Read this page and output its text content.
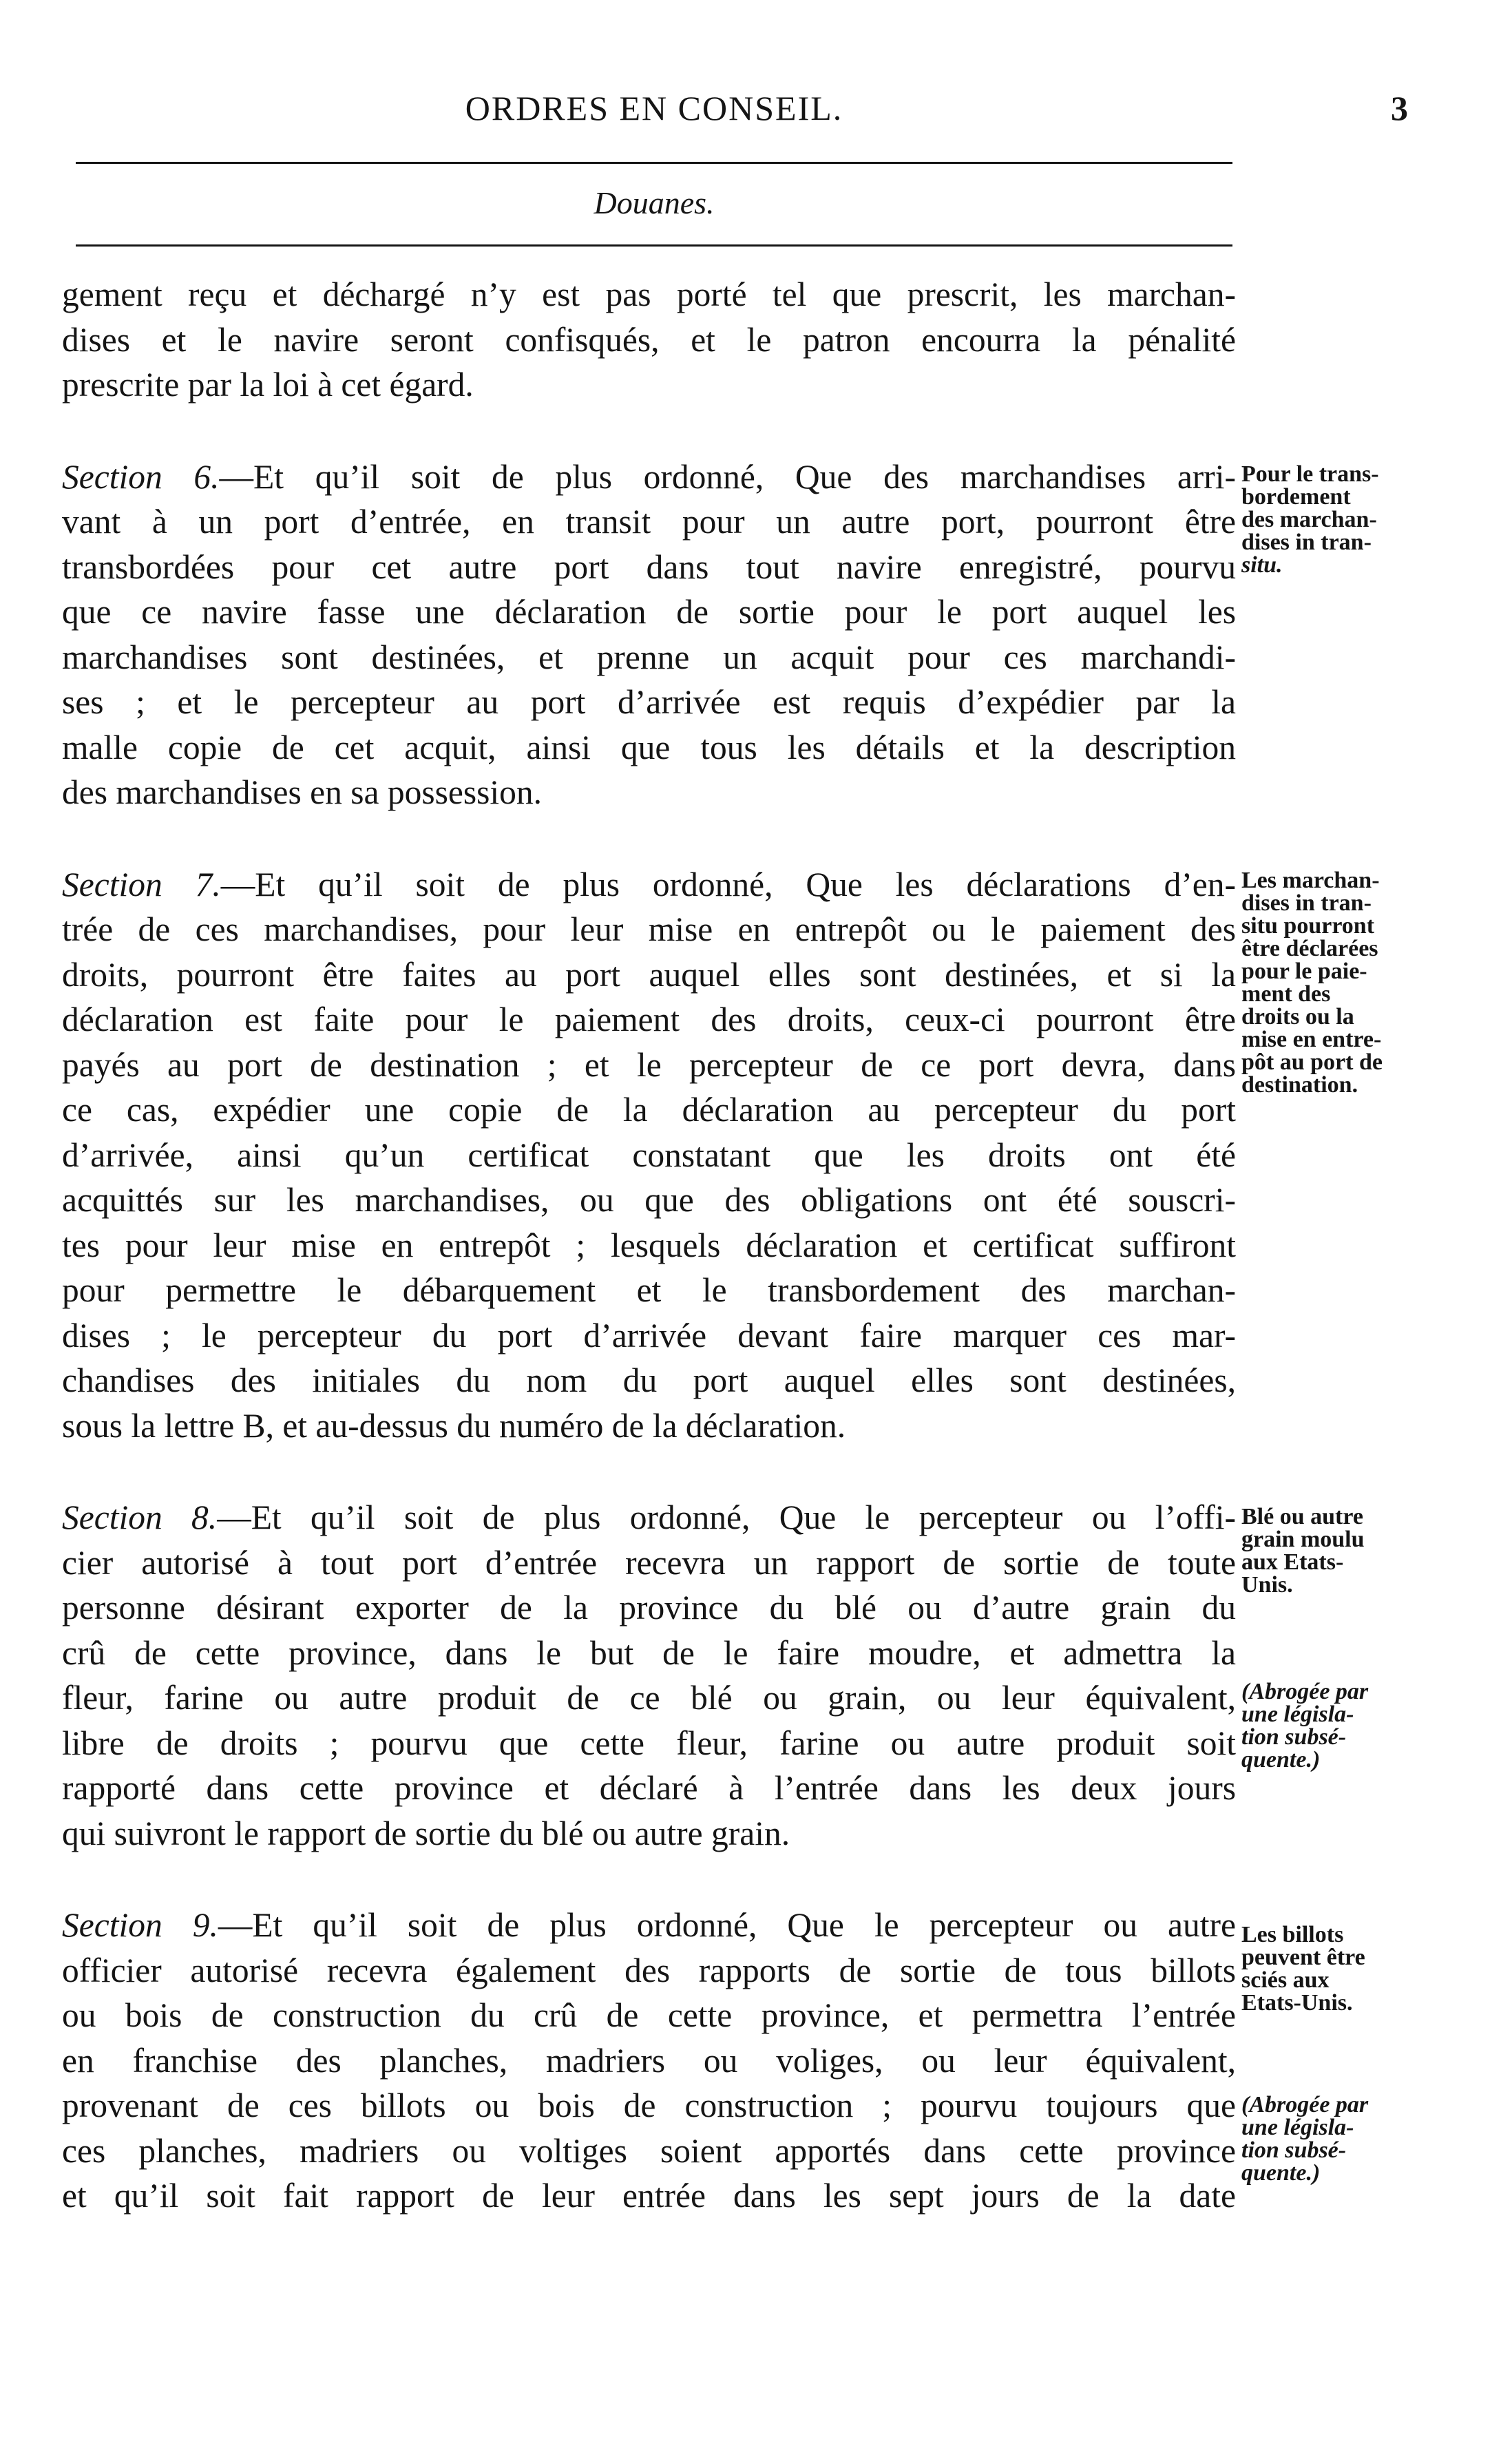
ORDRES EN CONSEIL.	3
Douanes.
gement reçu et déchargé n’y est pas porté tel que prescrit, les marchan-
dises et le navire seront confisqués, et le patron encourra la pénalité
prescrite par la loi à cet égard.
Section 6.—Et qu’il soit de plus ordonné, Que des marchandises arri-
vant à un port d’entrée, en transit pour un autre port, pourront être
transbordées pour cet autre port dans tout navire enregistré, pourvu
que ce navire fasse une déclaration de sortie pour le port auquel les
marchandises sont destinées, et prenne un acquit pour ces marchandi-
ses ; et le percepteur au port d’arrivée est requis d’expédier par la
malle copie de cet acquit, ainsi que tous les détails et la description
des marchandises en sa possession.
Section 7.—Et qu’il soit de plus ordonné, Que les déclarations d’en-
trée de ces marchandises, pour leur mise en entrepôt ou le paiement des
droits, pourront être faites au port auquel elles sont destinées, et si la
déclaration est faite pour le paiement des droits, ceux-ci pourront être
payés au port de destination ; et le percepteur de ce port devra, dans
ce cas, expédier une copie de la déclaration au percepteur du port
d’arrivée, ainsi qu’un certificat constatant que les droits ont été
acquittés sur les marchandises, ou que des obligations ont été souscri-
tes pour leur mise en entrepôt ; lesquels déclaration et certificat suffiront
pour permettre le débarquement et le transbordement des marchan-
dises ; le percepteur du port d’arrivée devant faire marquer ces mar-
chandises des initiales du nom du port auquel elles sont destinées,
sous la lettre B, et au-dessus du numéro de la déclaration.
Section 8.—Et qu’il soit de plus ordonné, Que le percepteur ou l’offi-
cier autorisé à tout port d’entrée recevra un rapport de sortie de toute
personne désirant exporter de la province du blé ou d’autre grain du
crû de cette province, dans le but de le faire moudre, et admettra la
fleur, farine ou autre produit de ce blé ou grain, ou leur équivalent,
libre de droits ; pourvu que cette fleur, farine ou autre produit soit
rapporté dans cette province et déclaré à l’entrée dans les deux jours
qui suivront le rapport de sortie du blé ou autre grain.
Section 9.—Et qu’il soit de plus ordonné, Que le percepteur ou autre
officier autorisé recevra également des rapports de sortie de tous billots
ou bois de construction du crû de cette province, et permettra l’entrée
en franchise des planches, madriers ou voliges, ou leur équivalent,
provenant de ces billots ou bois de construction ; pourvu toujours que
ces planches, madriers ou voltiges soient apportés dans cette province
et qu’il soit fait rapport de leur entrée dans les sept jours de la date
Pour le trans-
bordement
des marchan-
dises in tran-
situ.
Les marchan-
dises in tran-
situ pourront
être déclarées
pour le paie-
ment des
droits ou la
mise en entre-
pôt au port de
destination.
Blé ou autre
grain moulu
aux Etats-
Unis.
(Abrogée par
une législa-
tion subsé-
quente.)
Les billots
peuvent être
sciés aux
Etats-Unis.
(Abrogée par
une législa-
tion subsé-
quente.)
